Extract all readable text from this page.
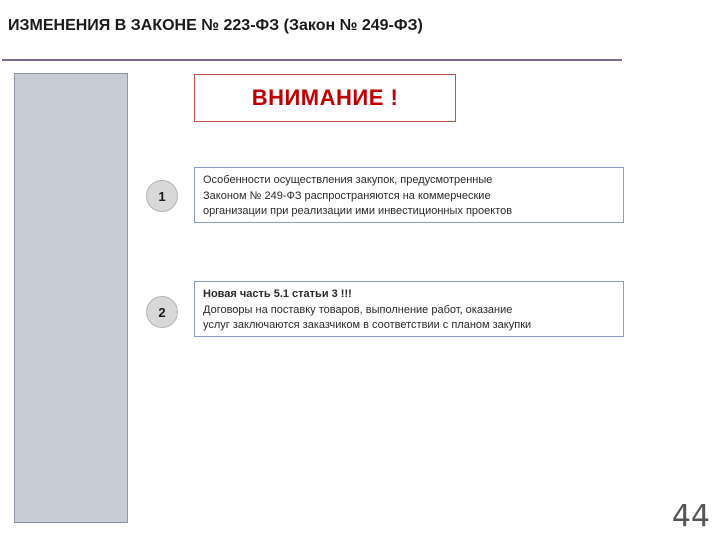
ИЗМЕНЕНИЯ В ЗАКОНЕ № 223-ФЗ (Закон № 249-ФЗ)
ВНИМАНИЕ !
1
Особенности осуществления закупок, предусмотренные
Законом № 249-ФЗ распространяются на коммерческие
организации при реализации ими инвестиционных проектов
2
Новая часть 5.1 статьи 3 !!!
Договоры на поставку товаров, выполнение работ, оказание
услуг заключаются заказчиком в соответствии с планом закупки
44
